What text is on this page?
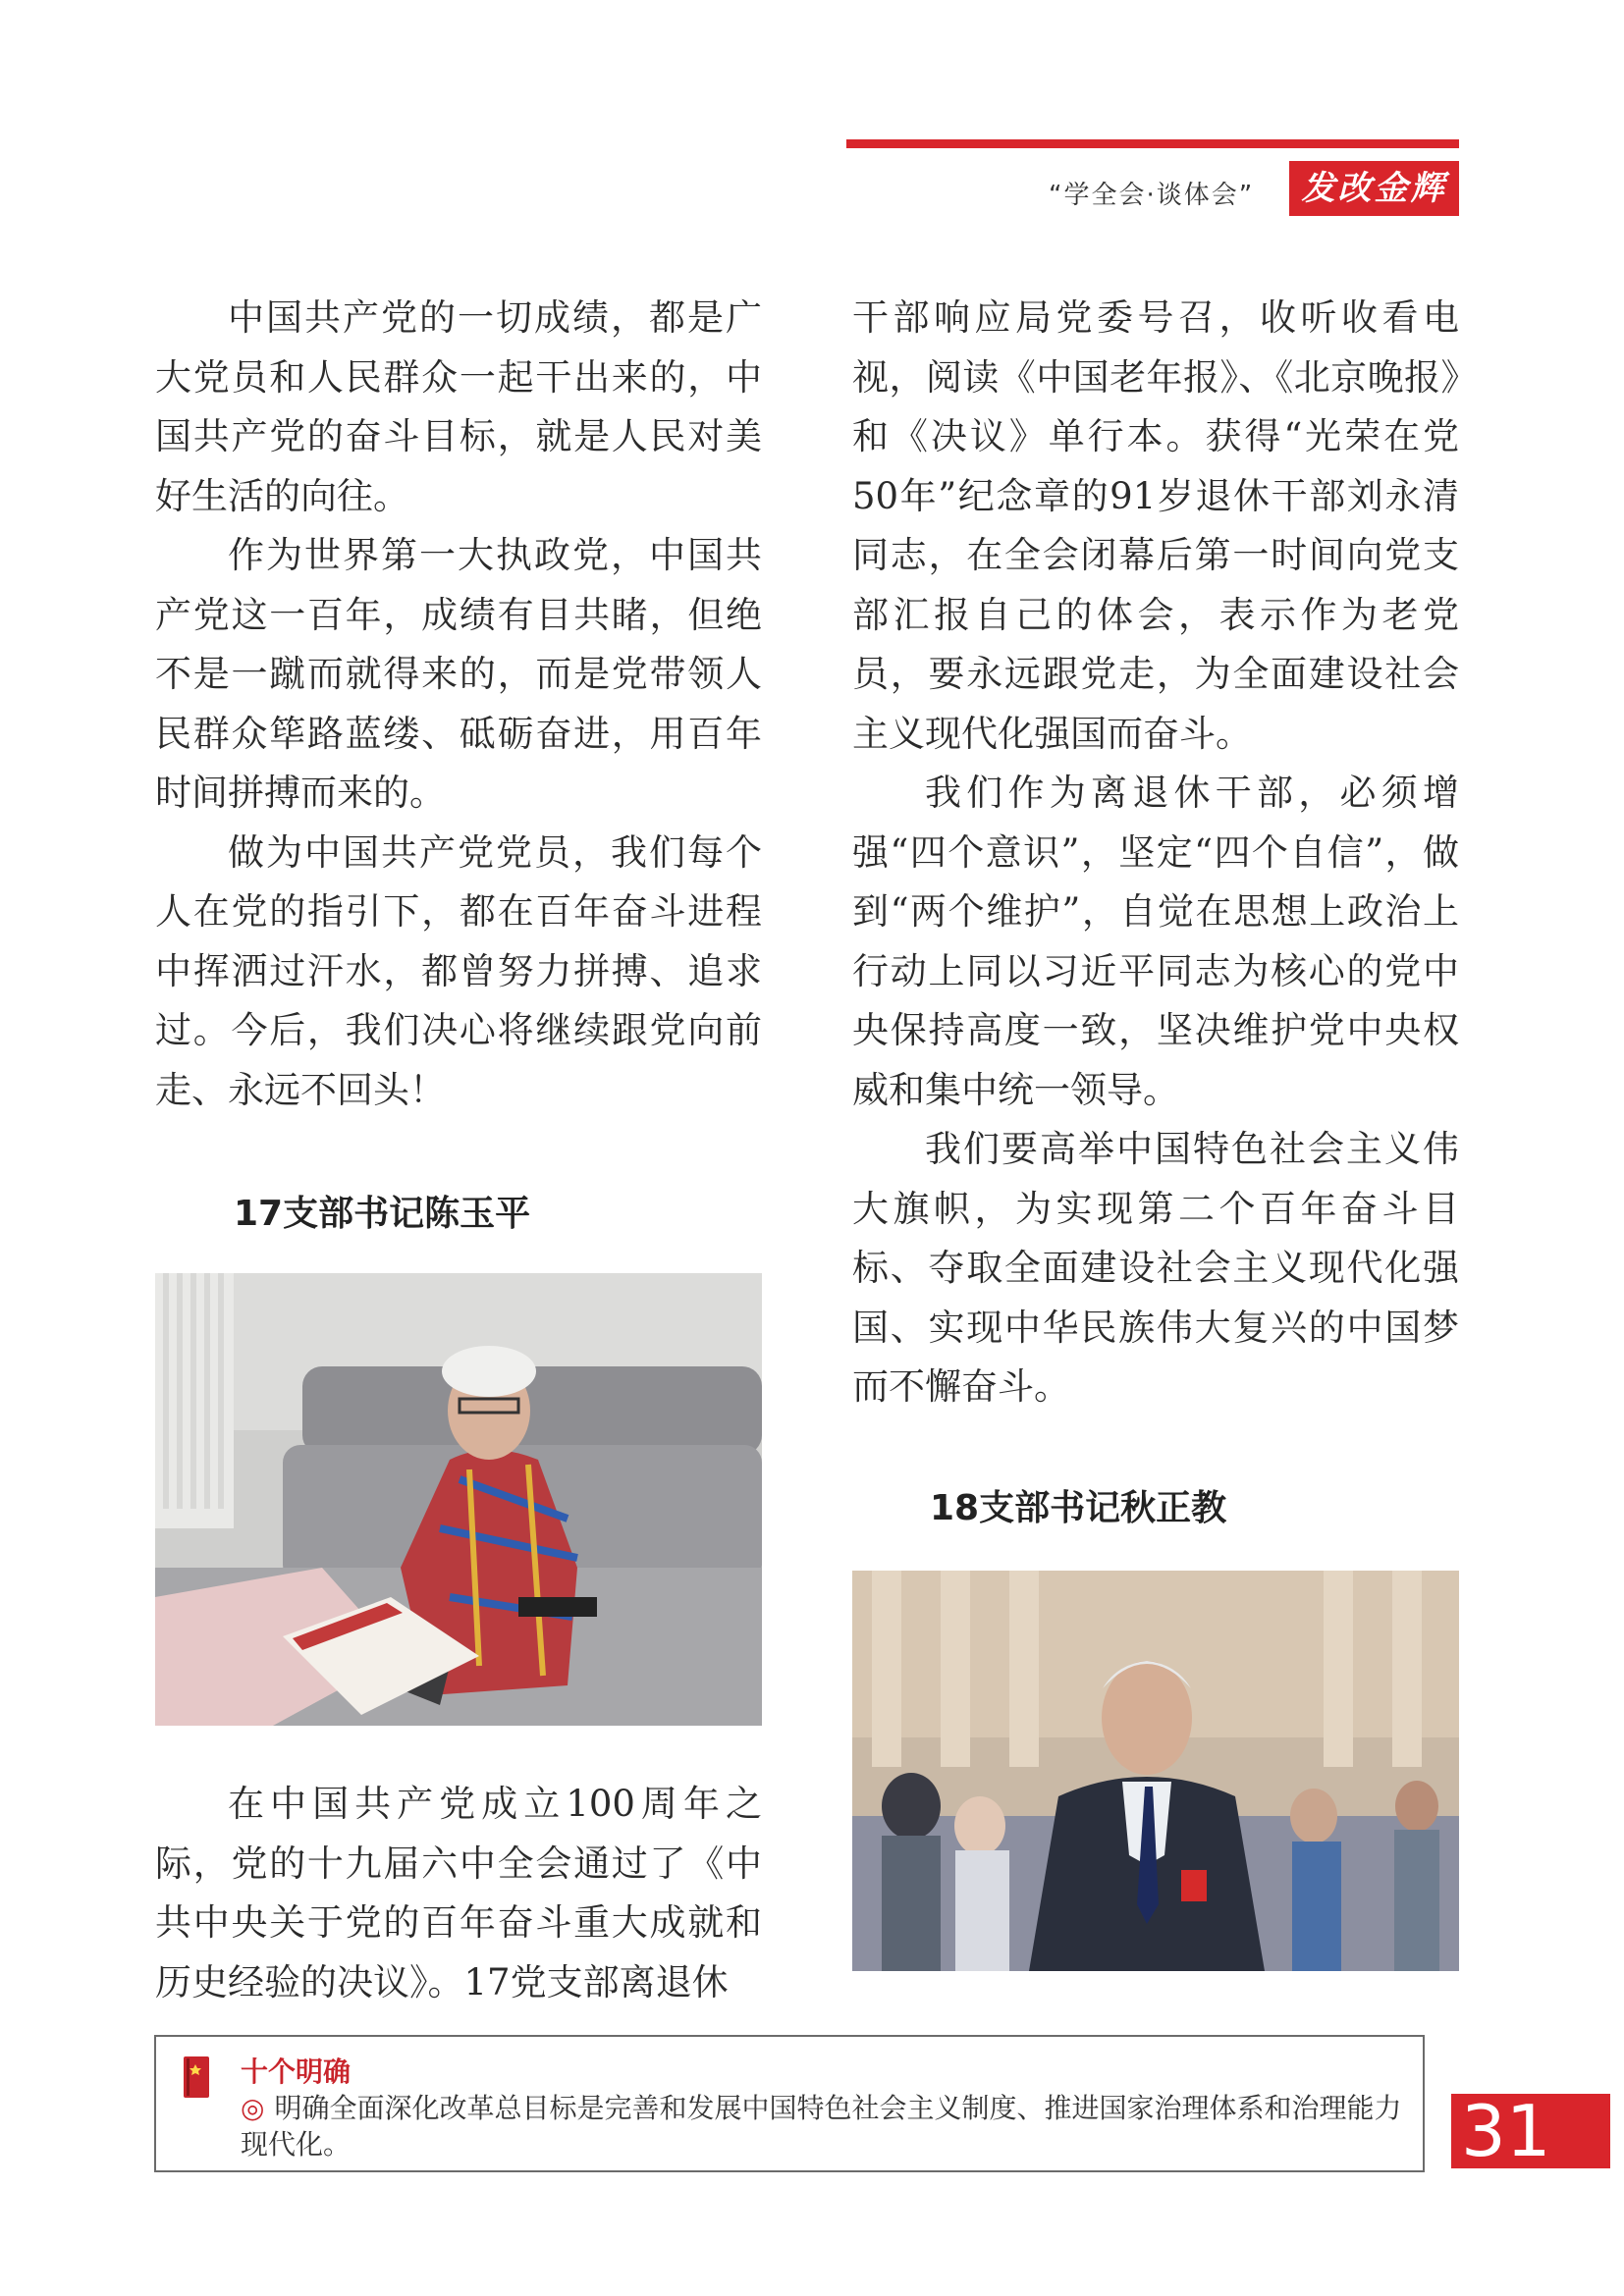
“学全会·谈体会”	发改金辉

中国共产党的一切成绩，都是广大党员和人民群众一起干出来的，中国共产党的奋斗目标，就是人民对美好生活的向往。

作为世界第一大执政党，中国共产党这一百年，成绩有目共睹，但绝不是一蹴而就得来的，而是党带领人民群众筚路蓝缕、砥砺奋进，用百年时间拼搏而来的。

做为中国共产党党员，我们每个人在党的指引下，都在百年奋斗进程中挥洒过汗水，都曾努力拼搏、追求过。今后，我们决心将继续跟党向前走、永远不回头！

17支部书记陈玉平

在中国共产党成立100周年之际，党的十九届六中全会通过了《中共中央关于党的百年奋斗重大成就和历史经验的决议》。17党支部离退休

干部响应局党委号召，收听收看电视，阅读《中国老年报》、《北京晚报》和《决议》单行本。获得“光荣在党50年”纪念章的91岁退休干部刘永清同志，在全会闭幕后第一时间向党支部汇报自己的体会，表示作为老党员，要永远跟党走，为全面建设社会主义现代化强国而奋斗。

我们作为离退休干部，必须增强“四个意识”，坚定“四个自信”，做到“两个维护”，自觉在思想上政治上行动上同以习近平同志为核心的党中央保持高度一致，坚决维护党中央权威和集中统一领导。

我们要高举中国特色社会主义伟大旗帜，为实现第二个百年奋斗目标、夺取全面建设社会主义现代化强国、实现中华民族伟大复兴的中国梦而不懈奋斗。

18支部书记秋正教
十个明确
◎ 明确全面深化改革总目标是完善和发展中国特色社会主义制度、推进国家治理体系和治理能力现代化。	31
